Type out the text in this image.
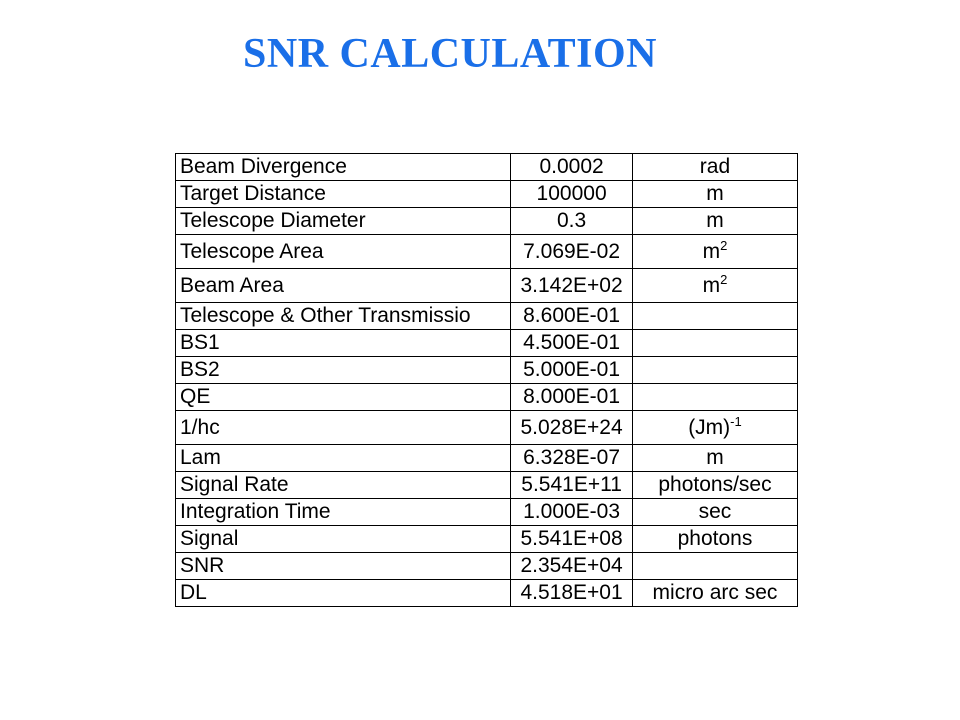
SNR CALCULATION
Beam Divergence	0.0002	rad
Target Distance	100000	m
Telescope Diameter	0.3	m
Telescope Area	7.069E-02	$m^2$
Beam Area	3.142E+02	$m^2$
Telescope & Other Transmissio	8.600E-01	
BS1	4.500E-01	
BS2	5.000E-01	
QE	8.000E-01	
1/hc	5.028E+24	$(Jm)^{-1}$
Lam	6.328E-07	m
Signal Rate	5.541E+11	photons/sec
Integration Time	1.000E-03	sec
Signal	5.541E+08	photons
SNR	2.354E+04	
DL	4.518E+01	micro arc sec
